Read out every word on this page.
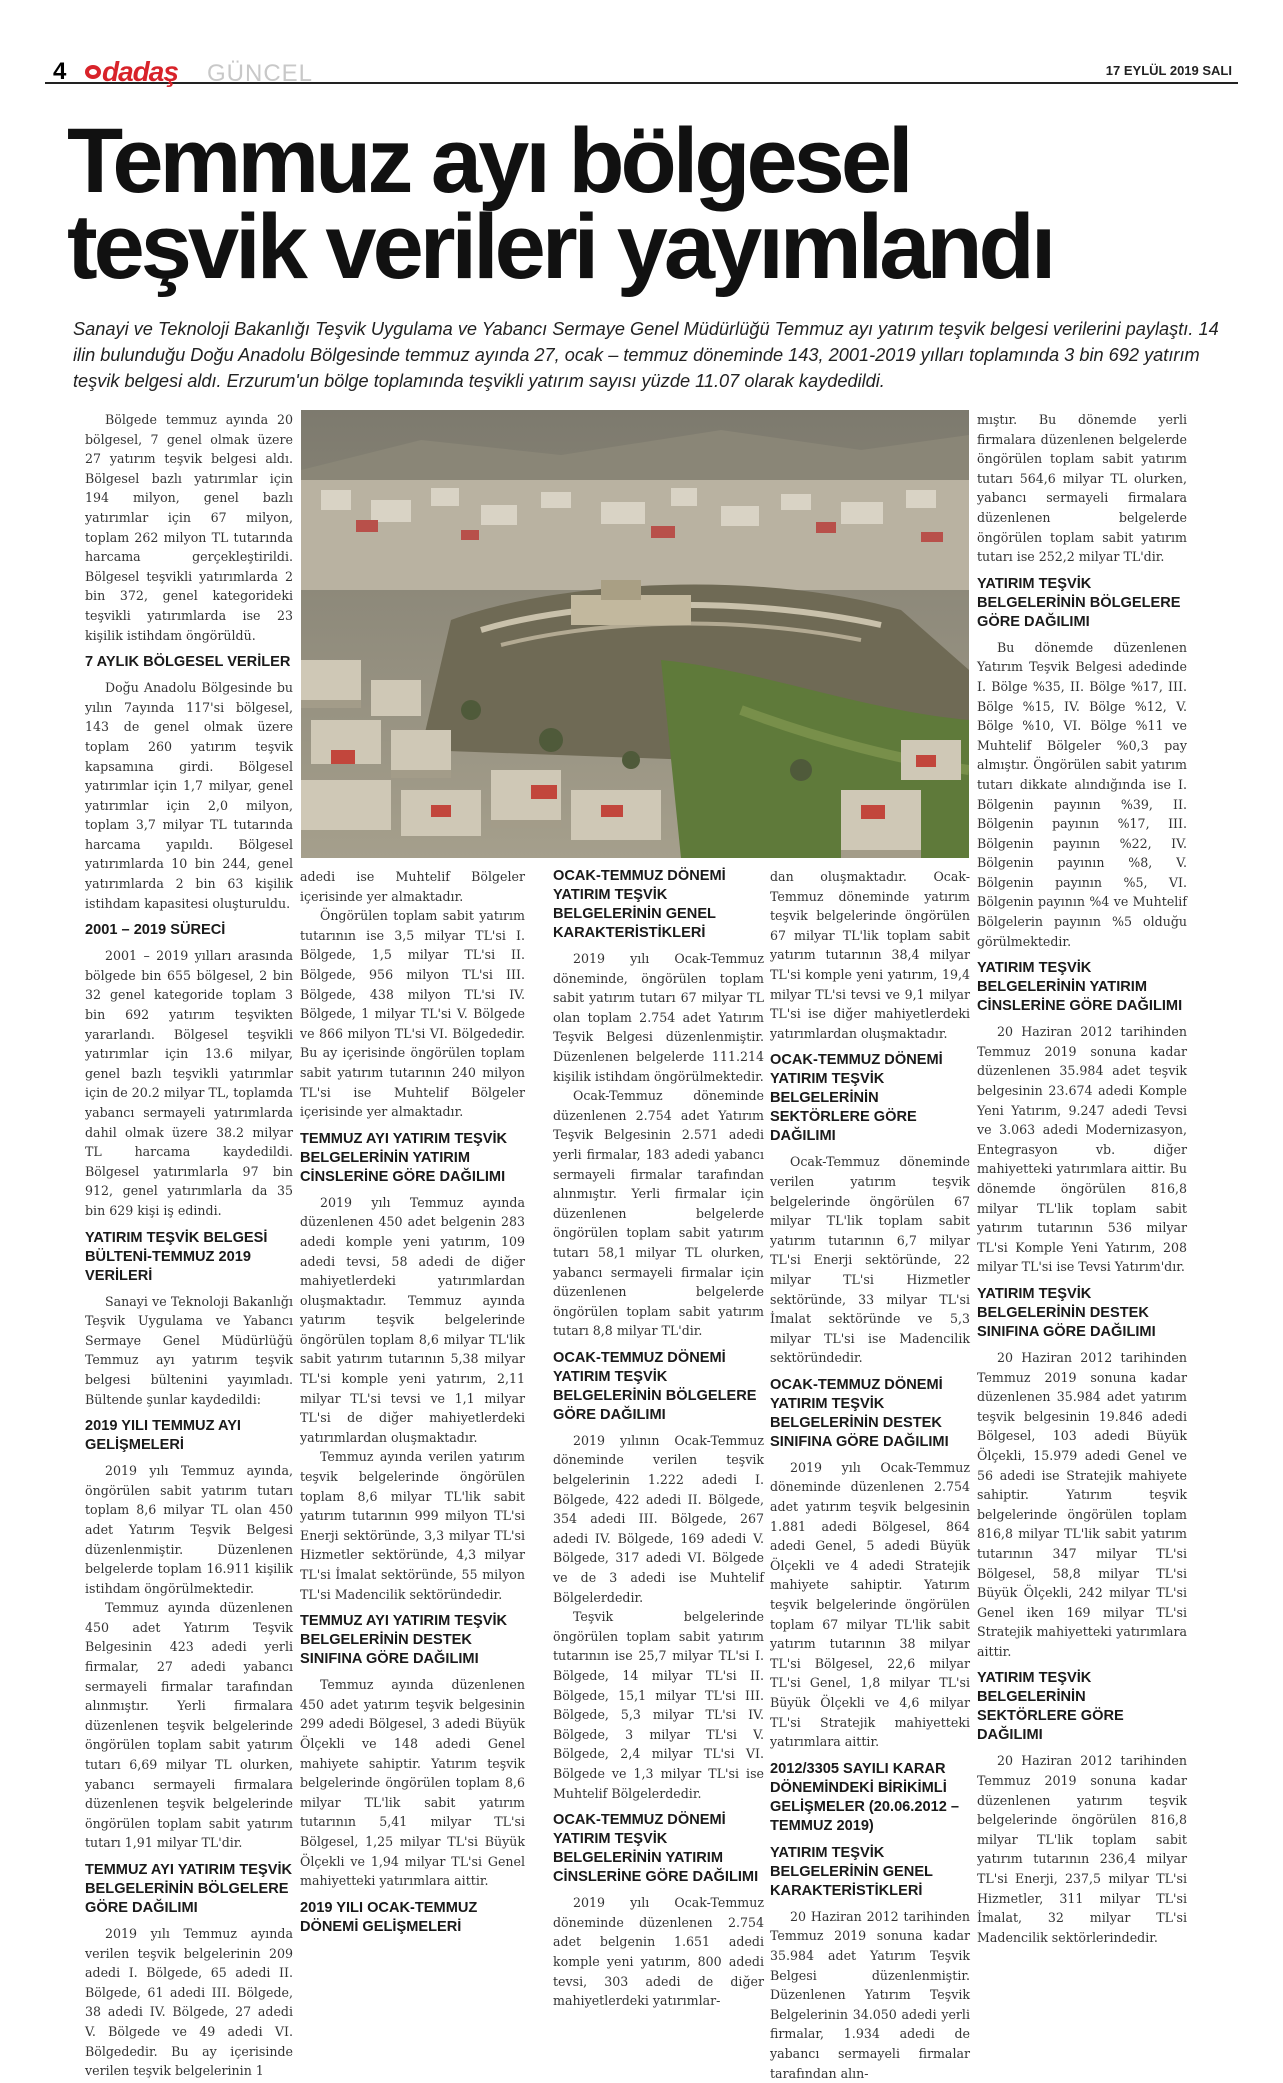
4	dadaş GÜNCEL	17 EYLÜL 2019 SALI
Temmuz ayı bölgesel
teşvik verileri yayımlandı
Sanayi ve Teknoloji Bakanlığı Teşvik Uygulama ve Yabancı Sermaye Genel Müdürlüğü Temmuz ayı yatırım teşvik belgesi verilerini paylaştı. 14 ilin bulunduğu Doğu Anadolu Bölgesinde temmuz ayında 27, ocak – temmuz döneminde 143, 2001-2019 yılları toplamında 3 bin 692 yatırım teşvik belgesi aldı. Erzurum'un bölge toplamında teşvikli yatırım sayısı yüzde 11.07 olarak kaydedildi.

Bölgede temmuz ayında 20 bölgesel, 7 genel olmak üzere 27 yatırım teşvik belgesi aldı. Bölgesel bazlı yatırımlar için 194 milyon, genel bazlı yatırımlar için 67 milyon, toplam 262 milyon TL tutarında harcama gerçekleştirildi. Bölgesel teşvikli yatırımlarda 2 bin 372, genel kategorideki teşvikli yatırımlarda ise 23 kişilik istihdam öngörüldü.

7 AYLIK BÖLGESEL VERİLER

Doğu Anadolu Bölgesinde bu yılın 7ayında 117'si bölgesel, 143 de genel olmak üzere toplam 260 yatırım teşvik kapsamına girdi. Bölgesel yatırımlar için 1,7 milyar, genel yatırımlar için 2,0 milyon, toplam 3,7 milyar TL tutarında harcama yapıldı. Bölgesel yatırımlarda 10 bin 244, genel yatırımlarda 2 bin 63 kişilik istihdam kapasitesi oluşturuldu.

2001 – 2019 SÜRECİ

2001 – 2019 yılları arasında bölgede bin 655 bölgesel, 2 bin 32 genel kategoride toplam 3 bin 692 yatırım teşvikten yararlandı. Bölgesel teşvikli yatırımlar için 13.6 milyar, genel bazlı teşvikli yatırımlar için de 20.2 milyar TL, toplamda yabancı sermayeli yatırımlarda dahil olmak üzere 38.2 milyar TL harcama kaydedildi. Bölgesel yatırımlarla 97 bin 912, genel yatırımlarla da 35 bin 629 kişi iş edindi.

YATIRIM TEŞVİK BELGESİ BÜLTENİ-TEMMUZ 2019 VERİLERİ

Sanayi ve Teknoloji Bakanlığı Teşvik Uygulama ve Yabancı Sermaye Genel Müdürlüğü Temmuz ayı yatırım teşvik belgesi bültenini yayımladı. Bültende şunlar kaydedildi:

2019 YILI TEMMUZ AYI GELİŞMELERİ

2019 yılı Temmuz ayında, öngörülen sabit yatırım tutarı toplam 8,6 milyar TL olan 450 adet Yatırım Teşvik Belgesi düzenlenmiştir. Düzenlenen belgelerde toplam 16.911 kişilik istihdam öngörülmektedir.

Temmuz ayında düzenlenen 450 adet Yatırım Teşvik Belgesinin 423 adedi yerli firmalar, 27 adedi yabancı sermayeli firmalar tarafından alınmıştır. Yerli firmalara düzenlenen teşvik belgelerinde öngörülen toplam sabit yatırım tutarı 6,69 milyar TL olurken, yabancı sermayeli firmalara düzenlenen teşvik belgelerinde öngörülen toplam sabit yatırım tutarı 1,91 milyar TL'dir.

TEMMUZ AYI YATIRIM TEŞVİK BELGELERİNİN BÖLGELERE GÖRE DAĞILIMI

2019 yılı Temmuz ayında verilen teşvik belgelerinin 209 adedi I. Bölgede, 65 adedi II. Bölgede, 61 adedi III. Bölgede, 38 adedi IV. Bölgede, 27 adedi V. Bölgede ve 49 adedi VI. Bölgededir. Bu ay içerisinde verilen teşvik belgelerinin 1

adedi ise Muhtelif Bölgeler içerisinde yer almaktadır.

Öngörülen toplam sabit yatırım tutarının ise 3,5 milyar TL'si I. Bölgede, 1,5 milyar TL'si II. Bölgede, 956 milyon TL'si III. Bölgede, 438 milyon TL'si IV. Bölgede, 1 milyar TL'si V. Bölgede ve 866 milyon TL'si VI. Bölgededir. Bu ay içerisinde öngörülen toplam sabit yatırım tutarının 240 milyon TL'si ise Muhtelif Bölgeler içerisinde yer almaktadır.

TEMMUZ AYI YATIRIM TEŞVİK BELGELERİNİN YATIRIM CİNSLERİNE GÖRE DAĞILIMI

2019 yılı Temmuz ayında düzenlenen 450 adet belgenin 283 adedi komple yeni yatırım, 109 adedi tevsi, 58 adedi de diğer mahiyetlerdeki yatırımlardan oluşmaktadır. Temmuz ayında yatırım teşvik belgelerinde öngörülen toplam 8,6 milyar TL'lik sabit yatırım tutarının 5,38 milyar TL'si komple yeni yatırım, 2,11 milyar TL'si tevsi ve 1,1 milyar TL'si de diğer mahiyetlerdeki yatırımlardan oluşmaktadır.

Temmuz ayında verilen yatırım teşvik belgelerinde öngörülen toplam 8,6 milyar TL'lik sabit yatırım tutarının 999 milyon TL'si Enerji sektöründe, 3,3 milyar TL'si Hizmetler sektöründe, 4,3 milyar TL'si İmalat sektöründe, 55 milyon TL'si Madencilik sektöründedir.

TEMMUZ AYI YATIRIM TEŞVİK BELGELERİNİN DESTEK SINIFINA GÖRE DAĞILIMI

Temmuz ayında düzenlenen 450 adet yatırım teşvik belgesinin 299 adedi Bölgesel, 3 adedi Büyük Ölçekli ve 148 adedi Genel mahiyete sahiptir. Yatırım teşvik belgelerinde öngörülen toplam 8,6 milyar TL'lik sabit yatırım tutarının 5,41 milyar TL'si Bölgesel, 1,25 milyar TL'si Büyük Ölçekli ve 1,94 milyar TL'si Genel mahiyetteki yatırımlara aittir.

2019 YILI OCAK-TEMMUZ DÖNEMİ GELİŞMELERİ
OCAK-TEMMUZ DÖNEMİ YATIRIM TEŞVİK BELGELERİNİN GENEL KARAKTERİSTİKLERİ

2019 yılı Ocak-Temmuz döneminde, öngörülen toplam sabit yatırım tutarı 67 milyar TL olan toplam 2.754 adet Yatırım Teşvik Belgesi düzenlenmiştir. Düzenlenen belgelerde 111.214 kişilik istihdam öngörülmektedir.

Ocak-Temmuz döneminde düzenlenen 2.754 adet Yatırım Teşvik Belgesinin 2.571 adedi yerli firmalar, 183 adedi yabancı sermayeli firmalar tarafından alınmıştır. Yerli firmalar için düzenlenen belgelerde öngörülen toplam sabit yatırım tutarı 58,1 milyar TL olurken, yabancı sermayeli firmalar için düzenlenen belgelerde öngörülen toplam sabit yatırım tutarı 8,8 milyar TL'dir.

OCAK-TEMMUZ DÖNEMİ YATIRIM TEŞVİK BELGELERİNİN BÖLGELERE GÖRE DAĞILIMI

2019 yılının Ocak-Temmuz döneminde verilen teşvik belgelerinin 1.222 adedi I. Bölgede, 422 adedi II. Bölgede, 354 adedi III. Bölgede, 267 adedi IV. Bölgede, 169 adedi V. Bölgede, 317 adedi VI. Bölgede ve de 3 adedi ise Muhtelif Bölgelerdedir.

Teşvik belgelerinde öngörülen toplam sabit yatırım tutarının ise 25,7 milyar TL'si I. Bölgede, 14 milyar TL'si II. Bölgede, 15,1 milyar TL'si III. Bölgede, 5,3 milyar TL'si IV. Bölgede, 3 milyar TL'si V. Bölgede, 2,4 milyar TL'si VI. Bölgede ve 1,3 milyar TL'si ise Muhtelif Bölgelerdedir.

OCAK-TEMMUZ DÖNEMİ YATIRIM TEŞVİK BELGELERİNİN YATIRIM CİNSLERİNE GÖRE DAĞILIMI

2019 yılı Ocak-Temmuz döneminde düzenlenen 2.754 adet belgenin 1.651 adedi komple yeni yatırım, 800 adedi tevsi, 303 adedi de diğer mahiyetlerdeki yatırımlar-

dan oluşmaktadır. Ocak-Temmuz döneminde yatırım teşvik belgelerinde öngörülen 67 milyar TL'lik toplam sabit yatırım tutarının 38,4 milyar TL'si komple yeni yatırım, 19,4 milyar TL'si tevsi ve 9,1 milyar TL'si ise diğer mahiyetlerdeki yatırımlardan oluşmaktadır.

OCAK-TEMMUZ DÖNEMİ YATIRIM TEŞVİK BELGELERİNİN SEKTÖRLERE GÖRE DAĞILIMI

Ocak-Temmuz döneminde verilen yatırım teşvik belgelerinde öngörülen 67 milyar TL'lik toplam sabit yatırım tutarının 6,7 milyar TL'si Enerji sektöründe, 22 milyar TL'si Hizmetler sektöründe, 33 milyar TL'si İmalat sektöründe ve 5,3 milyar TL'si ise Madencilik sektöründedir.

OCAK-TEMMUZ DÖNEMİ YATIRIM TEŞVİK BELGELERİNİN DESTEK SINIFINA GÖRE DAĞILIMI

2019 yılı Ocak-Temmuz döneminde düzenlenen 2.754 adet yatırım teşvik belgesinin 1.881 adedi Bölgesel, 864 adedi Genel, 5 adedi Büyük Ölçekli ve 4 adedi Stratejik mahiyete sahiptir. Yatırım teşvik belgelerinde öngörülen toplam 67 milyar TL'lik sabit yatırım tutarının 38 milyar TL'si Bölgesel, 22,6 milyar TL'si Genel, 1,8 milyar TL'si Büyük Ölçekli ve 4,6 milyar TL'si Stratejik mahiyetteki yatırımlara aittir.

2012/3305 SAYILI KARAR DÖNEMİNDEKİ BİRİKİMLİ GELİŞMELER (20.06.2012 – TEMMUZ 2019)
YATIRIM TEŞVİK BELGELERİNİN GENEL KARAKTERİSTİKLERİ

20 Haziran 2012 tarihinden Temmuz 2019 sonuna kadar 35.984 adet Yatırım Teşvik Belgesi düzenlenmiştir. Düzenlenen Yatırım Teşvik Belgelerinin 34.050 adedi yerli firmalar, 1.934 adedi de yabancı sermayeli firmalar tarafından alın-

mıştır. Bu dönemde yerli firmalara düzenlenen belgelerde öngörülen toplam sabit yatırım tutarı 564,6 milyar TL olurken, yabancı sermayeli firmalara düzenlenen belgelerde öngörülen toplam sabit yatırım tutarı ise 252,2 milyar TL'dir.

YATIRIM TEŞVİK BELGELERİNİN BÖLGELERE GÖRE DAĞILIMI

Bu dönemde düzenlenen Yatırım Teşvik Belgesi adedinde I. Bölge %35, II. Bölge %17, III. Bölge %15, IV. Bölge %12, V. Bölge %10, VI. Bölge %11 ve Muhtelif Bölgeler %0,3 pay almıştır. Öngörülen sabit yatırım tutarı dikkate alındığında ise I. Bölgenin payının %39, II. Bölgenin payının %17, III. Bölgenin payının %22, IV. Bölgenin payının %8, V. Bölgenin payının %5, VI. Bölgenin payının %4 ve Muhtelif Bölgelerin payının %5 olduğu görülmektedir.

YATIRIM TEŞVİK BELGELERİNİN YATIRIM CİNSLERİNE GÖRE DAĞILIMI

20 Haziran 2012 tarihinden Temmuz 2019 sonuna kadar düzenlenen 35.984 adet teşvik belgesinin 23.674 adedi Komple Yeni Yatırım, 9.247 adedi Tevsi ve 3.063 adedi Modernizasyon, Entegrasyon vb. diğer mahiyetteki yatırımlara aittir. Bu dönemde öngörülen 816,8 milyar TL'lik toplam sabit yatırım tutarının 536 milyar TL'si Komple Yeni Yatırım, 208 milyar TL'si ise Tevsi Yatırım'dır.

YATIRIM TEŞVİK BELGELERİNİN DESTEK SINIFINA GÖRE DAĞILIMI

20 Haziran 2012 tarihinden Temmuz 2019 sonuna kadar düzenlenen 35.984 adet yatırım teşvik belgesinin 19.846 adedi Bölgesel, 103 adedi Büyük Ölçekli, 15.979 adedi Genel ve 56 adedi ise Stratejik mahiyete sahiptir. Yatırım teşvik belgelerinde öngörülen toplam 816,8 milyar TL'lik sabit yatırım tutarının 347 milyar TL'si Bölgesel, 58,8 milyar TL'si Büyük Ölçekli, 242 milyar TL'si Genel iken 169 milyar TL'si Stratejik mahiyetteki yatırımlara aittir.

YATIRIM TEŞVİK BELGELERİNİN SEKTÖRLERE GÖRE DAĞILIMI

20 Haziran 2012 tarihinden Temmuz 2019 sonuna kadar düzenlenen yatırım teşvik belgelerinde öngörülen 816,8 milyar TL'lik toplam sabit yatırım tutarının 236,4 milyar TL'si Enerji, 237,5 milyar TL'si Hizmetler, 311 milyar TL'si İmalat, 32 milyar TL'si Madencilik sektörlerindedir.
